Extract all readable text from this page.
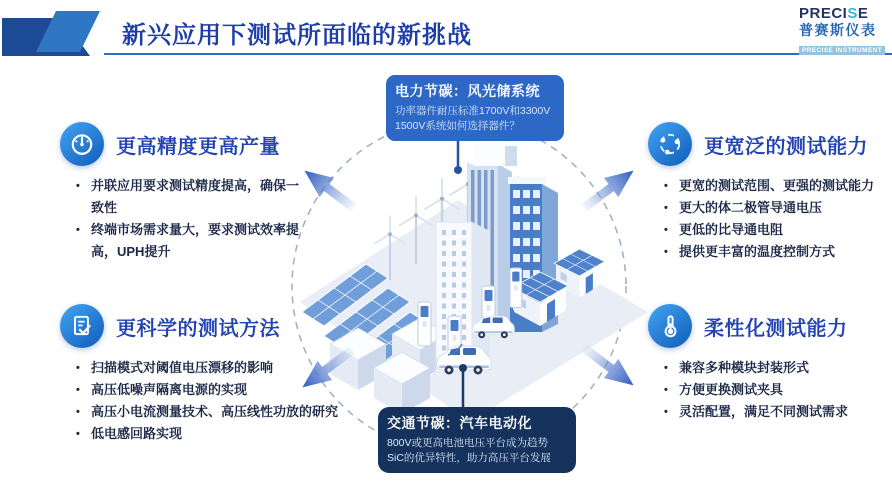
新兴应用下测试所面临的新挑战
PRECISE
普赛斯仪表
PRECISE INSTRUMENT
更高精度更高产量
• 并联应用要求测试精度提高，确保一致性
• 终端市场需求量大，要求测试效率提高，UPH提升
更宽泛的测试能力
• 更宽的测试范围、更强的测试能力
• 更大的体二极管导通电压
• 更低的比导通电阻
• 提供更丰富的温度控制方式
更科学的测试方法
• 扫描模式对阈值电压漂移的影响
• 高压低噪声隔离电源的实现
• 高压小电流测量技术、高压线性功放的研究
• 低电感回路实现
柔性化测试能力
• 兼容多种模块封装形式
• 方便更换测试夹具
• 灵活配置，满足不同测试需求
电力节碳：风光储系统
功率器件耐压标准1700V和3300V
1500V系统如何选择器件？
交通节碳：汽车电动化
800V或更高电池电压平台成为趋势
SiC的优异特性，助力高压平台发展
